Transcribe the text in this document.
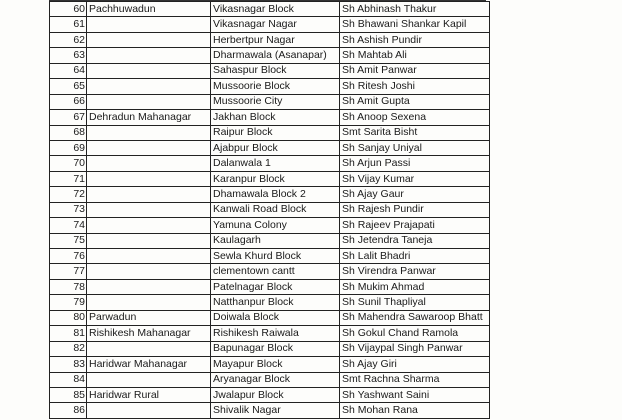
60	Pachhuwadun	Vikasnagar Block	Sh Abhinash Thakur
61		Vikasnagar Nagar	Sh Bhawani Shankar Kapil
62		Herbertpur Nagar	Sh Ashish Pundir
63		Dharmawala (Asanapar)	Sh Mahtab Ali
64		Sahaspur Block	Sh Amit Panwar
65		Mussoorie Block	Sh Ritesh Joshi
66		Mussoorie City	Sh Amit Gupta
67	Dehradun Mahanagar	Jakhan Block	Sh Anoop Sexena
68		Raipur Block	Smt Sarita Bisht
69		Ajabpur Block	Sh Sanjay Uniyal
70		Dalanwala 1	Sh Arjun Passi
71		Karanpur Block	Sh Vijay Kumar
72		Dhamawala Block 2	Sh Ajay Gaur
73		Kanwali Road Block	Sh Rajesh Pundir
74		Yamuna Colony	Sh Rajeev Prajapati
75		Kaulagarh	Sh Jetendra Taneja
76		Sewla Khurd Block	Sh Lalit Bhadri
77		clementown cantt	Sh Virendra Panwar
78		Patelnagar Block	Sh Mukim Ahmad
79		Natthanpur Block	Sh Sunil Thapliyal
80	Parwadun	Doiwala Block	Sh Mahendra Sawaroop Bhatt
81	Rishikesh Mahanagar	Rishikesh Raiwala	Sh Gokul Chand Ramola
82		Bapunagar Block	Sh Vijaypal Singh Panwar
83	Haridwar Mahanagar	Mayapur Block	Sh Ajay Giri
84		Aryanagar Block	Smt Rachna Sharma
85	Haridwar Rural	Jwalapur Block	Sh Yashwant Saini
86		Shivalik Nagar	Sh Mohan Rana
